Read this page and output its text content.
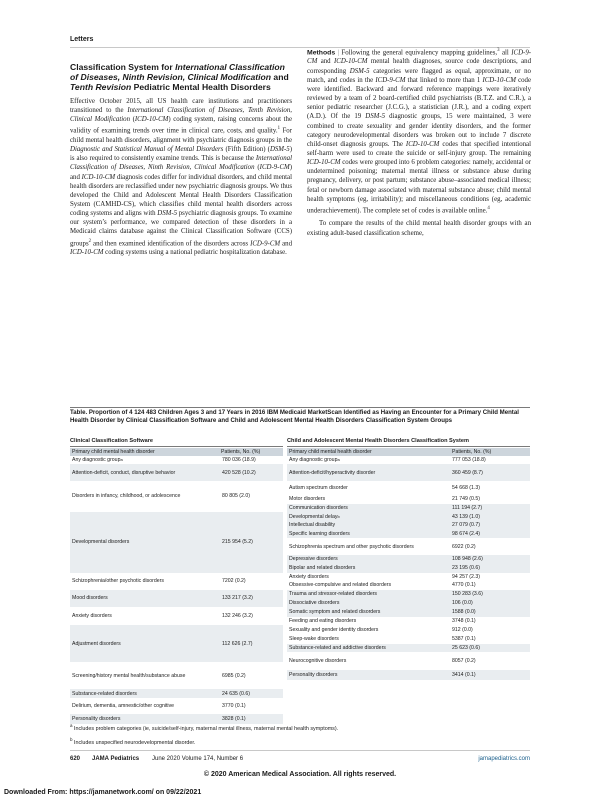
Letters
Classification System for International Classification of Diseases, Ninth Revision, Clinical Modification and Tenth Revision Pediatric Mental Health Disorders

Effective October 2015, all US health care institutions and practitioners transitioned to the International Classification of Diseases, Tenth Revision, Clinical Modification (ICD-10-CM) coding system, raising concerns about the validity of examining trends over time in clinical care, costs, and quality.$^1$ For child mental health disorders, alignment with psychiatric diagnosis groups in the Diagnostic and Statistical Manual of Mental Disorders (Fifth Edition) (DSM-5) is also required to consistently examine trends. This is because the International Classification of Diseases, Ninth Revision, Clinical Modification (ICD-9-CM) and ICD-10-CM diagnosis codes differ for individual disorders, and child mental health disorders are reclassified under new psychiatric diagnosis groups. We thus developed the Child and Adolescent Mental Health Disorders Classification System (CAMHD-CS), which classifies child mental health disorders across coding systems and aligns with DSM-5 psychiatric diagnosis groups. To examine our system’s performance, we compared detection of these disorders in a Medicaid claims database against the Clinical Classification Software (CCS) groups$^2$ and then examined identification of the disorders across ICD-9-CM and ICD-10-CM coding systems using a national pediatric hospitalization database.

Methods | Following the general equivalency mapping guidelines,$^3$ all ICD-9-CM and ICD-10-CM mental health diagnoses, source code descriptions, and corresponding DSM-5 categories were flagged as equal, approximate, or no match, and codes in the ICD-9-CM that linked to more than 1 ICD-10-CM code were identified. Backward and forward reference mappings were iteratively reviewed by a team of 2 board-certified child psychiatrists (B.T.Z. and C.R.), a senior pediatric researcher (J.C.G.), a statistician (J.R.), and a coding expert (A.D.). Of the 19 DSM-5 diagnostic groups, 15 were maintained, 3 were combined to create sexuality and gender identity disorders, and the former category neurodevelopmental disorders was broken out to include 7 discrete child-onset diagnosis groups. The ICD-10-CM codes that specified intentional self-harm were used to create the suicide or self-injury group. The remaining ICD-10-CM codes were grouped into 6 problem categories: namely, accidental or undetermined poisoning; maternal mental illness or substance abuse during pregnancy, delivery, or post partum; substance abuse–associated medical illness; fetal or newborn damage associated with maternal substance abuse; child mental health symptoms (eg, irritability); and miscellaneous conditions (eg, academic underachievement). The complete set of codes is available online.$^4$

To compare the results of the child mental health disorder groups with an existing adult-based classification scheme,

Table. Proportion of 4 124 483 Children Ages 3 and 17 Years in 2016 IBM Medicaid MarketScan Identified as Having an Encounter for a Primary Child Mental Health Disorder by Clinical Classification Software and Child and Adolescent Mental Health Disorders Classification System Groups
Clinical Classification Software
Primary child mental health disorder	Patients, No. (%)
Any diagnostic group a	780 036 (18.9)
Attention-deficit, conduct, disruptive behavior	420 528 (10.2)
Disorders in infancy, childhood, or adolescence	80 805 (2.0)
Developmental disorders	215 954 (5.2)
Schizophrenia/other psychotic disorders	7202 (0.2)
Mood disorders	133 217 (3.2)
Anxiety disorders	132 246 (3.2)
Adjustment disorders	112 626 (2.7)
Screening/history mental health/substance abuse	6985 (0.2)
Substance-related disorders	24 635 (0.6)
Delirium, dementia, amnestic/other cognitive	3770 (0.1)
Personality disorders	3828 (0.1)
Child and Adolescent Mental Health Disorders Classification System
Primary child mental health disorder	Patients, No. (%)
Any diagnostic group a	777 053 (18.8)
Attention-deficit/hyperactivity disorder	360 459 (8.7)
Autism spectrum disorder	54 668 (1.3)
Motor disorders	21 749 (0.5)
Communication disorders	111 194 (2.7)
Developmental delay b	43 139 (1.0)
Intellectual disability	27 079 (0.7)
Specific learning disorders	98 674 (2.4)
Schizophrenia spectrum and other psychotic disorders	6922 (0.2)
Depressive disorders	108 948 (2.6)
Bipolar and related disorders	23 195 (0.6)
Anxiety disorders	94 257 (2.3)
Obsessive-compulsive and related disorders	4770 (0.1)
Trauma and stressor-related disorders	150 283 (3.6)
Dissociative disorders	106 (0.0)
Somatic symptom and related disorders	1588 (0.0)
Feeding and eating disorders	3748 (0.1)
Sexuality and gender identity disorders	912 (0.0)
Sleep-wake disorders	5387 (0.1)
Substance-related and addictive disorders	25 623 (0.6)
Neurocognitive disorders	8057 (0.2)
Personality disorders	3414 (0.1)
$^a$ Includes problem categories (ie, suicide/self-injury, maternal mental illness, maternal mental health symptoms).
$^b$ Includes unspecified neurodevelopmental disorder.
620 JAMA Pediatrics June 2020 Volume 174, Number 6	jamapediatrics.com
© 2020 American Medical Association. All rights reserved.
Downloaded From: https://jamanetwork.com/ on 09/22/2021
